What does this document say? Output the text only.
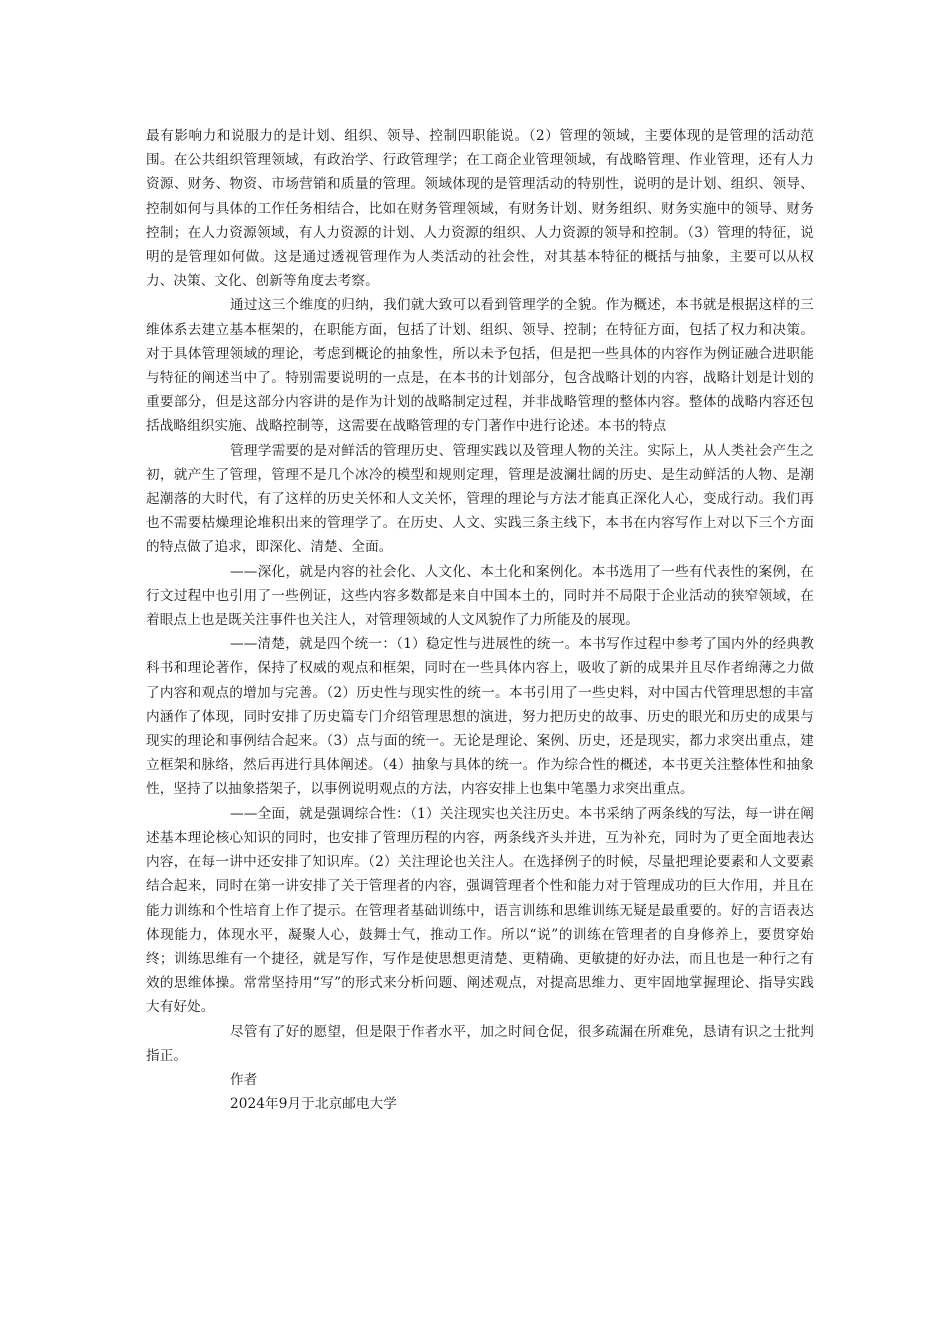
最有影响力和说服力的是计划、组织、领导、控制四职能说。（2）管理的领域，主要体现的是管理的活动范围。在公共组织管理领域，有政治学、行政管理学；在工商企业管理领域，有战略管理、作业管理，还有人力资源、财务、物资、市场营销和质量的管理。领域体现的是管理活动的特别性，说明的是计划、组织、领导、控制如何与具体的工作任务相结合，比如在财务管理领域，有财务计划、财务组织、财务实施中的领导、财务控制；在人力资源领域，有人力资源的计划、人力资源的组织、人力资源的领导和控制。（3）管理的特征，说明的是管理如何做。这是通过透视管理作为人类活动的社会性，对其基本特征的概括与抽象，主要可以从权力、决策、文化、创新等角度去考察。

通过这三个维度的归纳，我们就大致可以看到管理学的全貌。作为概述，本书就是根据这样的三维体系去建立基本框架的，在职能方面，包括了计划、组织、领导、控制；在特征方面，包括了权力和决策。对于具体管理领域的理论，考虑到概论的抽象性，所以未予包括，但是把一些具体的内容作为例证融合进职能与特征的阐述当中了。特别需要说明的一点是，在本书的计划部分，包含战略计划的内容，战略计划是计划的重要部分，但是这部分内容讲的是作为计划的战略制定过程，并非战略管理的整体内容。整体的战略内容还包括战略组织实施、战略控制等，这需要在战略管理的专门著作中进行论述。本书的特点

管理学需要的是对鲜活的管理历史、管理实践以及管理人物的关注。实际上，从人类社会产生之初，就产生了管理，管理不是几个冰冷的模型和规则定理，管理是波澜壮阔的历史、是生动鲜活的人物、是潮起潮落的大时代，有了这样的历史关怀和人文关怀，管理的理论与方法才能真正深化人心，变成行动。我们再也不需要枯燥理论堆积出来的管理学了。在历史、人文、实践三条主线下，本书在内容写作上对以下三个方面的特点做了追求，即深化、清楚、全面。

——深化，就是内容的社会化、人文化、本土化和案例化。本书选用了一些有代表性的案例，在行文过程中也引用了一些例证，这些内容多数都是来自中国本土的，同时并不局限于企业活动的狭窄领域，在着眼点上也是既关注事件也关注人，对管理领域的人文风貌作了力所能及的展现。

——清楚，就是四个统一：（1）稳定性与进展性的统一。本书写作过程中参考了国内外的经典教科书和理论著作，保持了权威的观点和框架，同时在一些具体内容上，吸收了新的成果并且尽作者绵薄之力做了内容和观点的增加与完善。（2）历史性与现实性的统一。本书引用了一些史料，对中国古代管理思想的丰富内涵作了体现，同时安排了历史篇专门介绍管理思想的演进，努力把历史的故事、历史的眼光和历史的成果与现实的理论和事例结合起来。（3）点与面的统一。无论是理论、案例、历史，还是现实，都力求突出重点，建立框架和脉络，然后再进行具体阐述。（4）抽象与具体的统一。作为综合性的概述，本书更关注整体性和抽象性，坚持了以抽象搭架子，以事例说明观点的方法，内容安排上也集中笔墨力求突出重点。

——全面，就是强调综合性：（1）关注现实也关注历史。本书采纳了两条线的写法，每一讲在阐述基本理论核心知识的同时，也安排了管理历程的内容，两条线齐头并进，互为补充，同时为了更全面地表达内容，在每一讲中还安排了知识库。（2）关注理论也关注人。在选择例子的时候，尽量把理论要素和人文要素结合起来，同时在第一讲安排了关于管理者的内容，强调管理者个性和能力对于管理成功的巨大作用，并且在能力训练和个性培育上作了提示。在管理者基础训练中，语言训练和思维训练无疑是最重要的。好的言语表达体现能力，体现水平，凝聚人心，鼓舞士气，推动工作。所以“说”的训练在管理者的自身修养上，要贯穿始终；训练思维有一个捷径，就是写作，写作是使思想更清楚、更精确、更敏捷的好办法，而且也是一种行之有效的思维体操。常常坚持用“写”的形式来分析问题、阐述观点，对提高思维力、更牢固地掌握理论、指导实践大有好处。

尽管有了好的愿望，但是限于作者水平，加之时间仓促，很多疏漏在所难免，恳请有识之士批判指正。

作者

2024年9月于北京邮电大学
